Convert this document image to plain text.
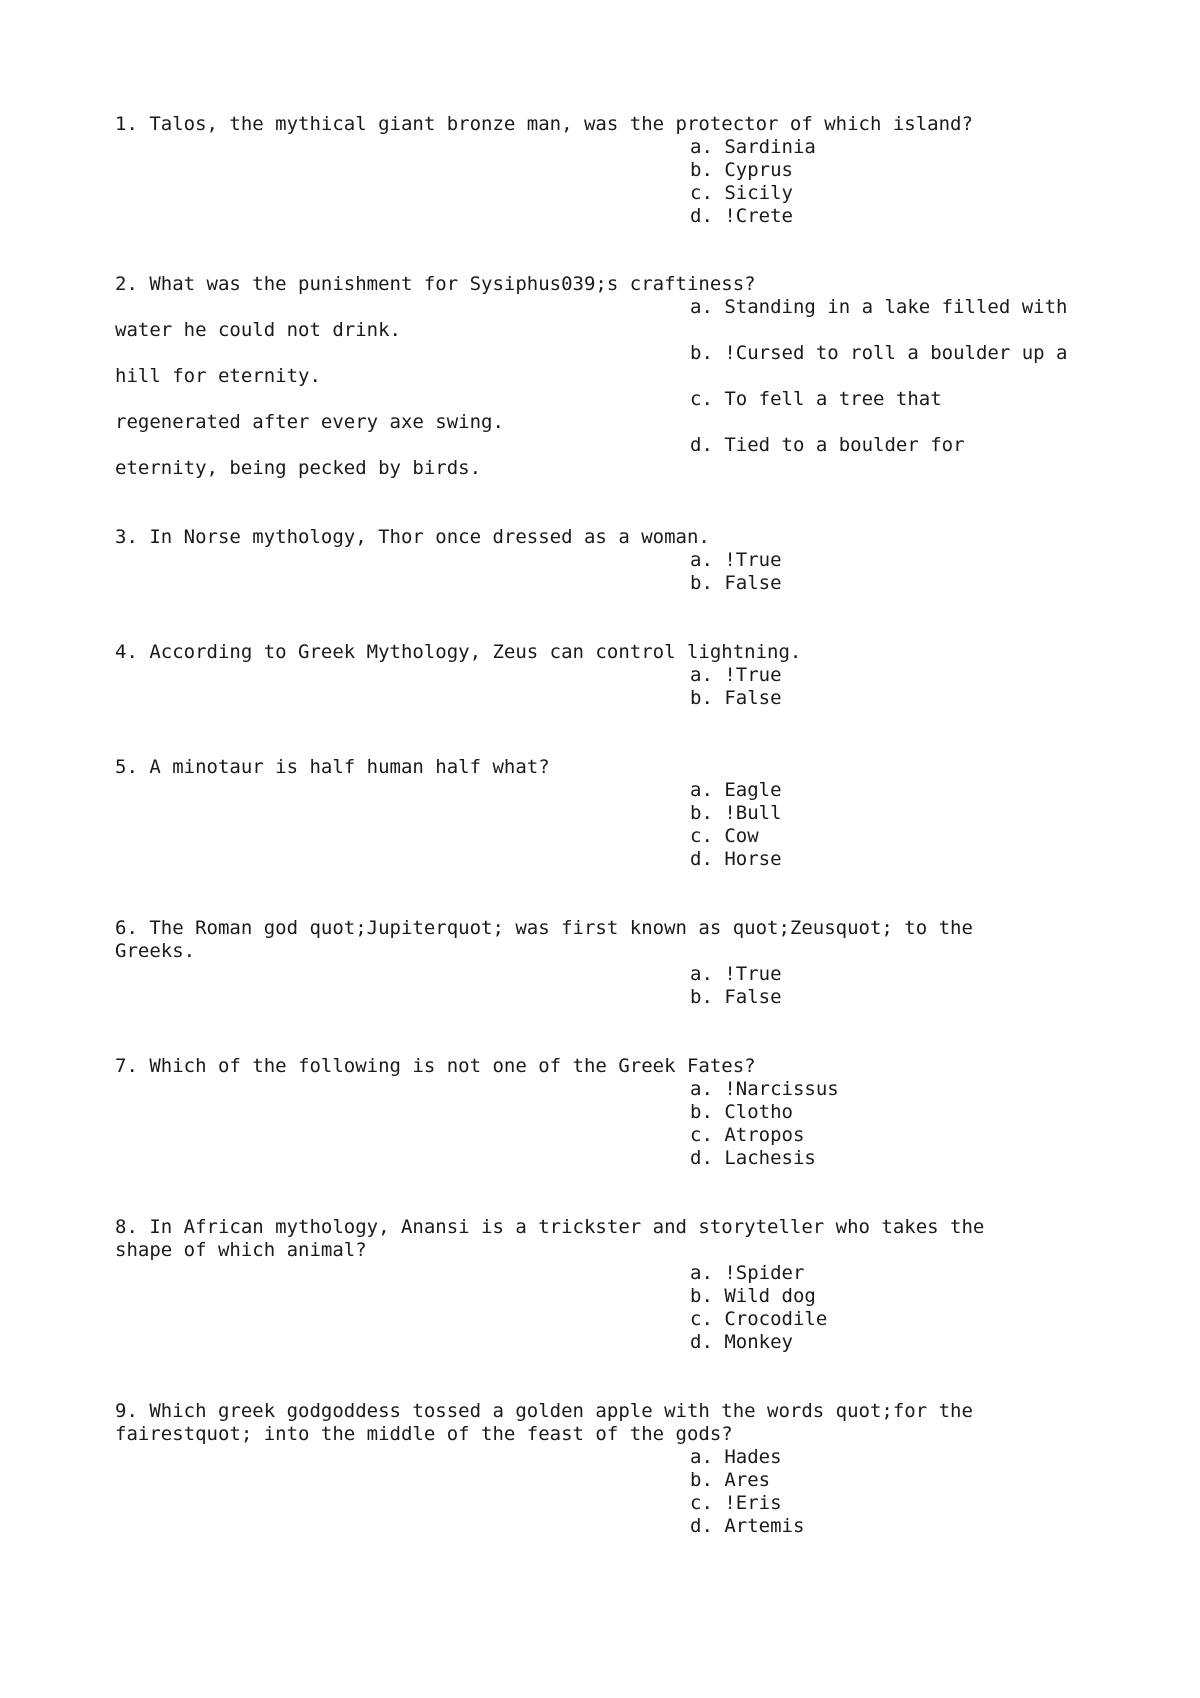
1. Talos, the mythical giant bronze man, was the protector of which island?
a. Sardinia
b. Cyprus
c. Sicily
d. !Crete
2. What was the punishment for Sysiphus039;s craftiness?
a. Standing in a lake filled with
water he could not drink.
b. !Cursed to roll a boulder up a
hill for eternity.
c. To fell a tree that
regenerated after every axe swing.
d. Tied to a boulder for
eternity, being pecked by birds.
3. In Norse mythology, Thor once dressed as a woman.
a. !True
b. False
4. According to Greek Mythology, Zeus can control lightning.
a. !True
b. False
5. A minotaur is half human half what?
a. Eagle
b. !Bull
c. Cow
d. Horse
6. The Roman god quot;Jupiterquot; was first known as quot;Zeusquot; to the
Greeks.
a. !True
b. False
7. Which of the following is not one of the Greek Fates?
a. !Narcissus
b. Clotho
c. Atropos
d. Lachesis
8. In African mythology, Anansi is a trickster and storyteller who takes the
shape of which animal?
a. !Spider
b. Wild dog
c. Crocodile
d. Monkey
9. Which greek godgoddess tossed a golden apple with the words quot;for the
fairestquot; into the middle of the feast of the gods?
a. Hades
b. Ares
c. !Eris
d. Artemis
